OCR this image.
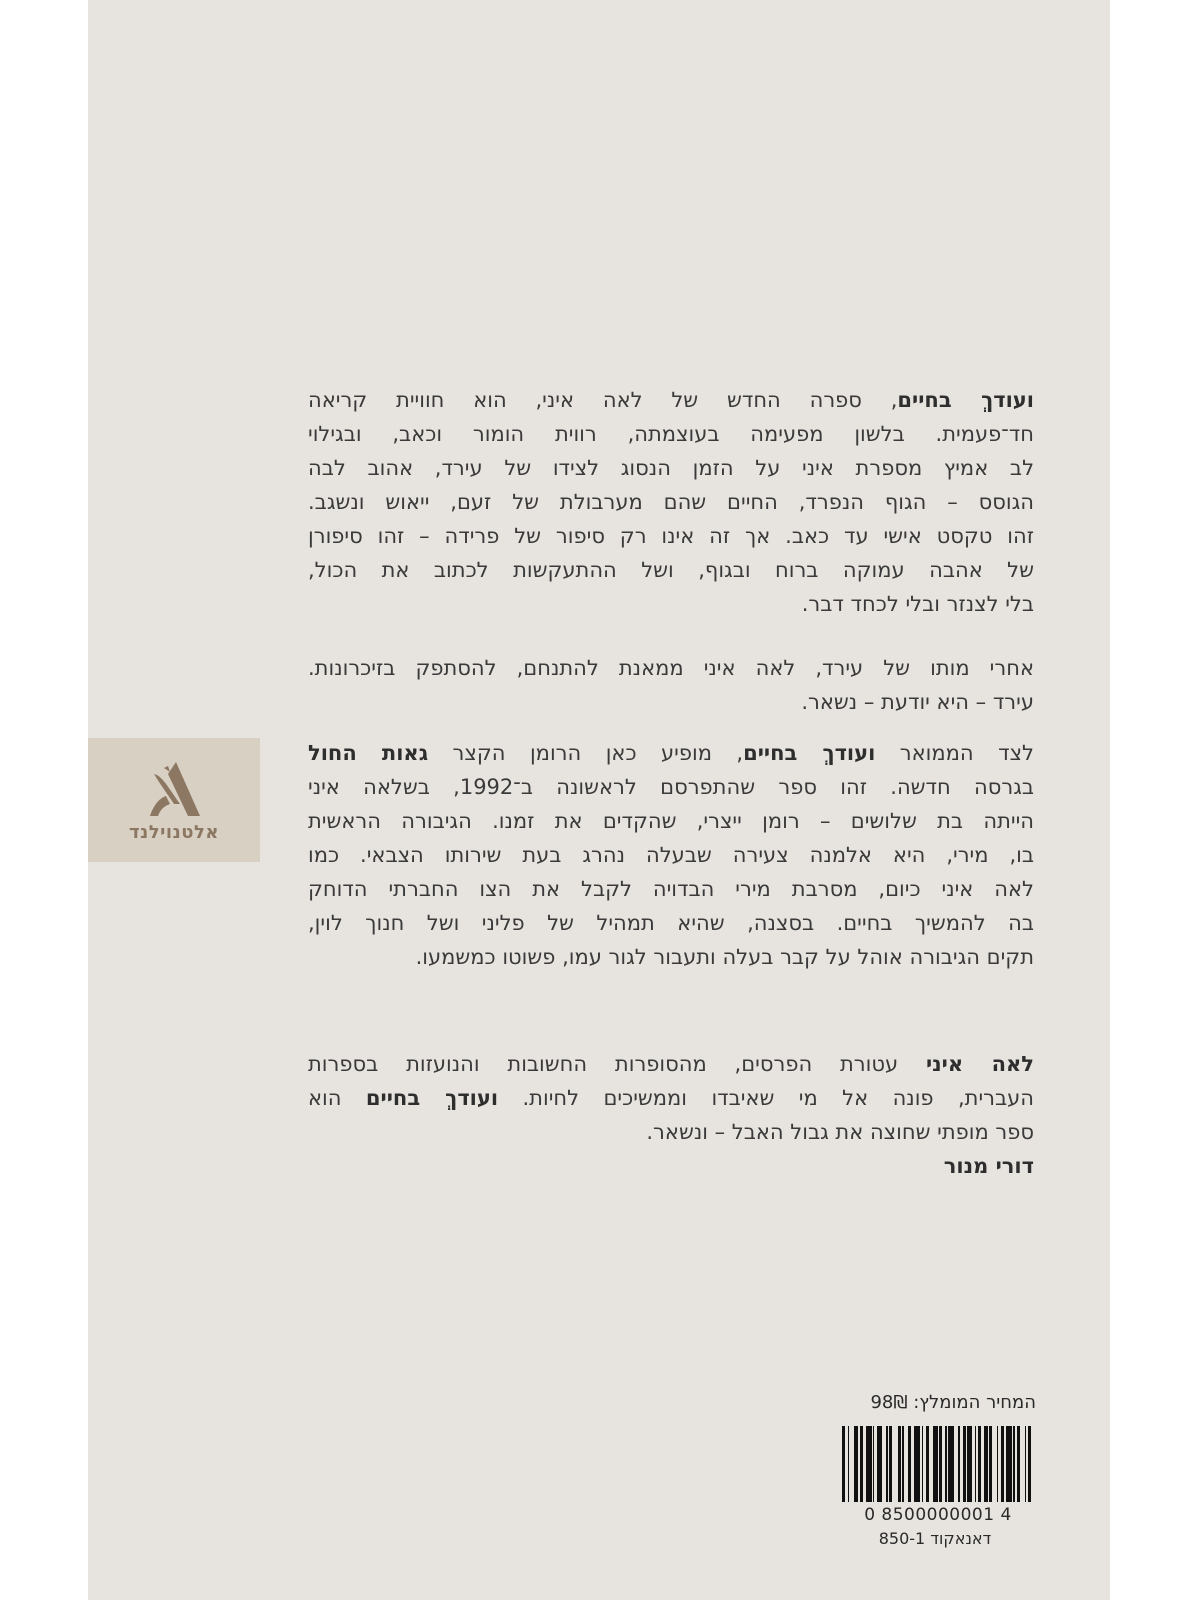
ועודךְ בחיים, ספרה החדש של לאה איני, הוא חוויית קריאה
חד־פעמית. בלשון מפעימה בעוצמתה, רווית הומור וכאב, ובגילוי
לב אמיץ מספרת איני על הזמן הנסוג לצידו של עירד, אהוב לבה
הגוסס – הגוף הנפרד, החיים שהם מערבולת של זעם, ייאוש ונשגב.
זהו טקסט אישי עד כאב. אך זה אינו רק סיפור של פרידה – זהו סיפורן
של אהבה עמוקה ברוח ובגוף, ושל ההתעקשות לכתוב את הכול,
בלי לצנזר ובלי לכחד דבר.
אחרי מותו של עירד, לאה איני ממאנת להתנחם, להסתפק בזיכרונות.
עירד – היא יודעת – נשאר.
לצד הממואר ועודךְ בחיים, מופיע כאן הרומן הקצר גאות החול
בגרסה חדשה. זהו ספר שהתפרסם לראשונה ב־1992, בשלאה איני
הייתה בת שלושים – רומן ייצרי, שהקדים את זמנו. הגיבורה הראשית
בו, מירי, היא אלמנה צעירה שבעלה נהרג בעת שירותו הצבאי. כמו
לאה איני כיום, מסרבת מירי הבדויה לקבל את הצו החברתי הדוחק
בה להמשיך בחיים. בסצנה, שהיא תמהיל של פליני ושל חנוך לוין,
תקים הגיבורה אוהל על קבר בעלה ותעבור לגור עמו, פשוטו כמשמעו.
לאה איני עטורת הפרסים, מהסופרות החשובות והנועזות בספרות
העברית, פונה אל מי שאיבדו וממשיכים לחיות. ועודךְ בחיים הוא
ספר מופתי שחוצה את גבול האבל – ונשאר.
דורי מנור
אלטנוילנד
המחיר המומלץ: 98₪
0 8500000001 4
דאנאקוד 850-1
